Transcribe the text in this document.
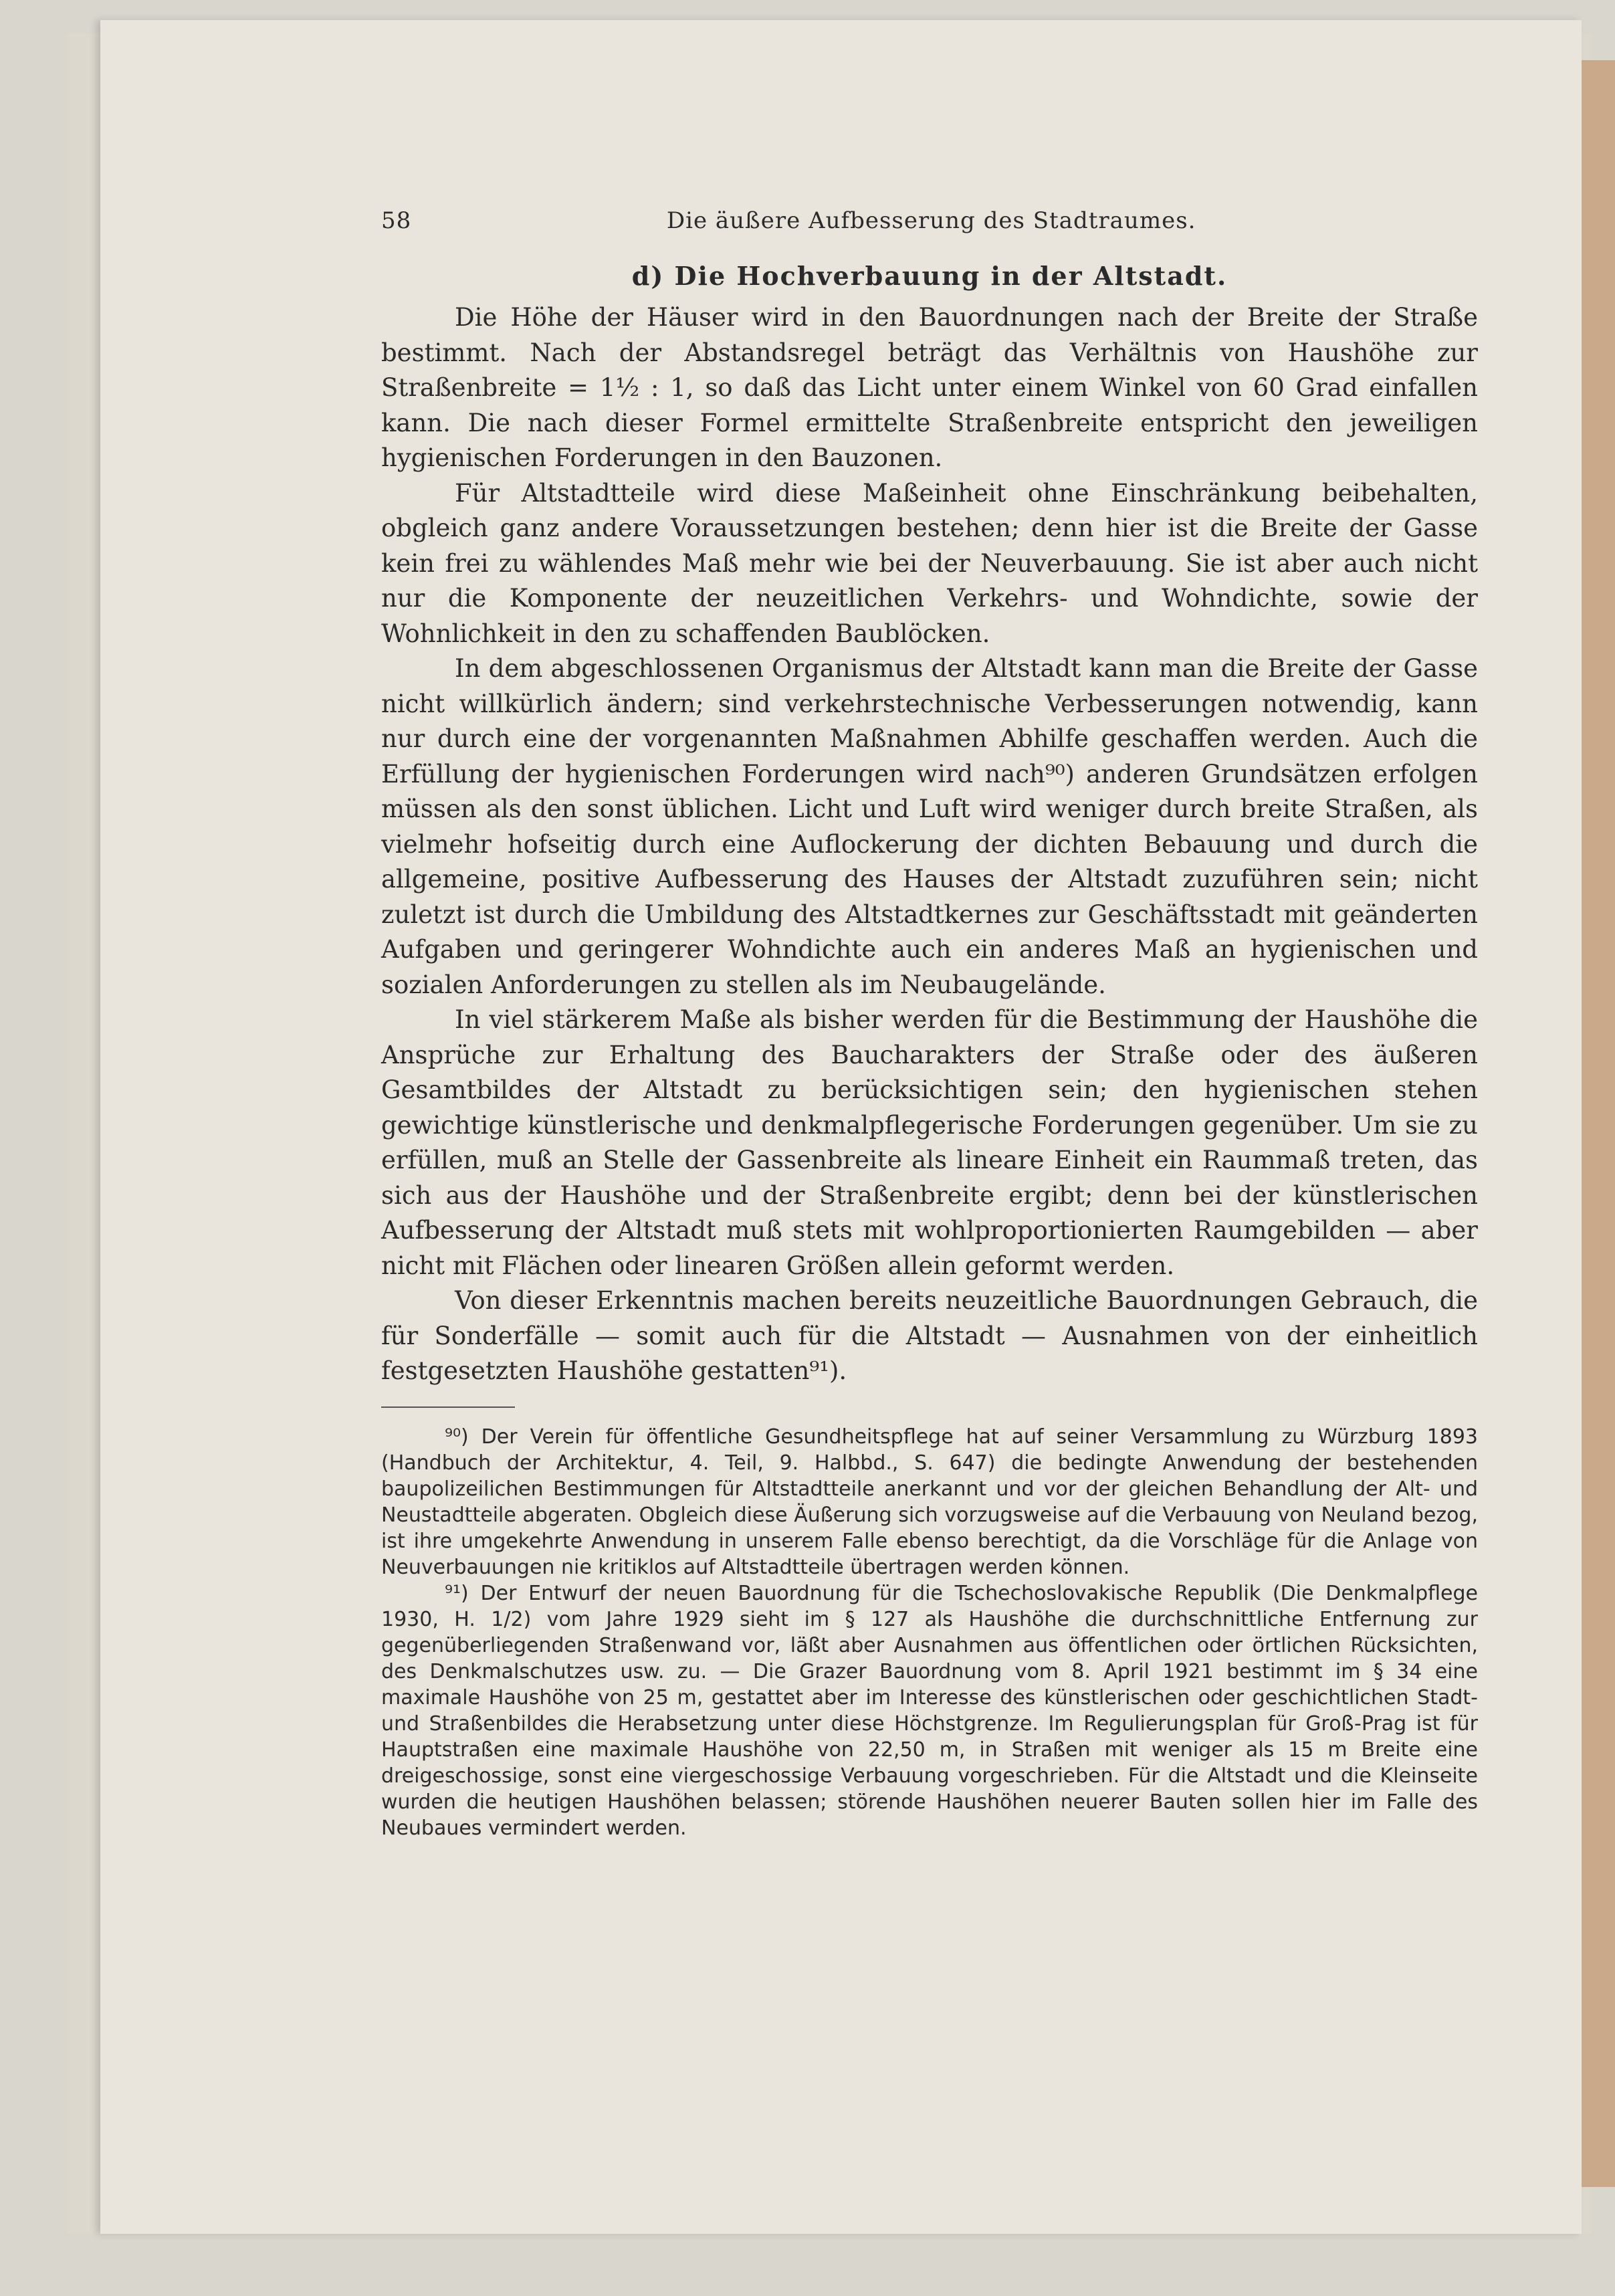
58	Die äußere Aufbesserung des Stadtraumes.
d) Die Hochverbauung in der Altstadt.

Die Höhe der Häuser wird in den Bauordnungen nach der Breite der Straße bestimmt. Nach der Abstandsregel beträgt das Verhältnis von Haushöhe zur Straßenbreite = 1½ : 1, so daß das Licht unter einem Winkel von 60 Grad einfallen kann. Die nach dieser Formel ermittelte Straßenbreite entspricht den jeweiligen hygienischen Forderungen in den Bauzonen.

Für Altstadtteile wird diese Maßeinheit ohne Einschränkung beibehalten, obgleich ganz andere Voraussetzungen bestehen; denn hier ist die Breite der Gasse kein frei zu wählendes Maß mehr wie bei der Neuverbauung. Sie ist aber auch nicht nur die Komponente der neuzeitlichen Verkehrs- und Wohndichte, sowie der Wohnlichkeit in den zu schaffenden Baublöcken.

In dem abgeschlossenen Organismus der Altstadt kann man die Breite der Gasse nicht willkürlich ändern; sind verkehrstechnische Verbesserungen notwendig, kann nur durch eine der vorgenannten Maßnahmen Abhilfe geschaffen werden. Auch die Erfüllung der hygienischen Forderungen wird nach⁹⁰) anderen Grundsätzen erfolgen müssen als den sonst üblichen. Licht und Luft wird weniger durch breite Straßen, als vielmehr hofseitig durch eine Auflockerung der dichten Bebauung und durch die allgemeine, positive Aufbesserung des Hauses der Altstadt zuzuführen sein; nicht zuletzt ist durch die Umbildung des Altstadtkernes zur Geschäftsstadt mit geänderten Aufgaben und geringerer Wohndichte auch ein anderes Maß an hygienischen und sozialen Anforderungen zu stellen als im Neubaugelände.

In viel stärkerem Maße als bisher werden für die Bestimmung der Haushöhe die Ansprüche zur Erhaltung des Baucharakters der Straße oder des äußeren Gesamtbildes der Altstadt zu berücksichtigen sein; den hygienischen stehen gewichtige künstlerische und denkmalpflegerische Forderungen gegenüber. Um sie zu erfüllen, muß an Stelle der Gassenbreite als lineare Einheit ein Raummaß treten, das sich aus der Haushöhe und der Straßenbreite ergibt; denn bei der künstlerischen Aufbesserung der Altstadt muß stets mit wohlproportionierten Raumgebilden — aber nicht mit Flächen oder linearen Größen allein geformt werden.

Von dieser Erkenntnis machen bereits neuzeitliche Bauordnungen Gebrauch, die für Sonderfälle — somit auch für die Altstadt — Ausnahmen von der einheitlich festgesetzten Haushöhe gestatten⁹¹).

⁹⁰) Der Verein für öffentliche Gesundheitspflege hat auf seiner Versammlung zu Würzburg 1893 (Handbuch der Architektur, 4. Teil, 9. Halbbd., S. 647) die bedingte Anwendung der bestehenden baupolizeilichen Bestimmungen für Altstadtteile anerkannt und vor der gleichen Behandlung der Alt- und Neustadtteile abgeraten. Obgleich diese Äußerung sich vorzugsweise auf die Verbauung von Neuland bezog, ist ihre umgekehrte Anwendung in unserem Falle ebenso berechtigt, da die Vorschläge für die Anlage von Neuverbauungen nie kritiklos auf Altstadtteile übertragen werden können.

⁹¹) Der Entwurf der neuen Bauordnung für die Tschechoslovakische Republik (Die Denkmalpflege 1930, H. 1/2) vom Jahre 1929 sieht im § 127 als Haushöhe die durchschnittliche Entfernung zur gegenüberliegenden Straßenwand vor, läßt aber Ausnahmen aus öffentlichen oder örtlichen Rücksichten, des Denkmalschutzes usw. zu. — Die Grazer Bauordnung vom 8. April 1921 bestimmt im § 34 eine maximale Haushöhe von 25 m, gestattet aber im Interesse des künstlerischen oder geschichtlichen Stadt- und Straßenbildes die Herabsetzung unter diese Höchstgrenze. Im Regulierungsplan für Groß-Prag ist für Hauptstraßen eine maximale Haushöhe von 22,50 m, in Straßen mit weniger als 15 m Breite eine dreigeschossige, sonst eine viergeschossige Verbauung vorgeschrieben. Für die Altstadt und die Kleinseite wurden die heutigen Haushöhen belassen; störende Haushöhen neuerer Bauten sollen hier im Falle des Neubaues vermindert werden.
